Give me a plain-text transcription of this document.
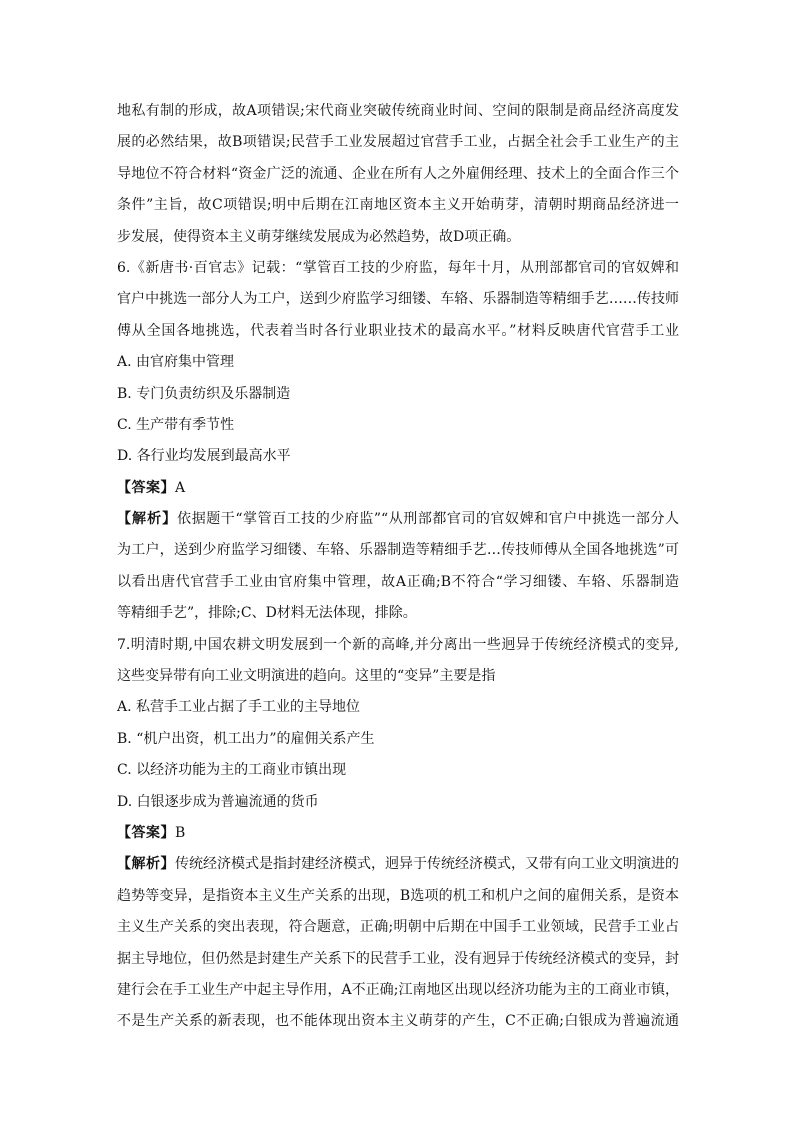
地私有制的形成，故A项错误;宋代商业突破传统商业时间、空间的限制是商品经济高度发
展的必然结果，故B项错误;民营手工业发展超过官营手工业，占据全社会手工业生产的主
导地位不符合材料“资金广泛的流通、企业在所有人之外雇佣经理、技术上的全面合作三个
条件”主旨，故C项错误;明中后期在江南地区资本主义开始萌芽，清朝时期商品经济进一
步发展，使得资本主义萌芽继续发展成为必然趋势，故D项正确。
6.《新唐书·百官志》记载：“掌管百工技的少府监，每年十月，从刑部都官司的官奴婢和
官户中挑选一部分人为工户，送到少府监学习细镂、车辂、乐器制造等精细手艺……传技师
傅从全国各地挑选，代表着当时各行业职业技术的最高水平。”材料反映唐代官营手工业
A. 由官府集中管理
B. 专门负责纺织及乐器制造
C. 生产带有季节性
D. 各行业均发展到最高水平
【答案】A
【解析】依据题干“掌管百工技的少府监”“从刑部都官司的官奴婢和官户中挑选一部分人
为工户，送到少府监学习细镂、车辂、乐器制造等精细手艺…传技师傅从全国各地挑选”可
以看出唐代官营手工业由官府集中管理，故A正确;B不符合“学习细镂、车辂、乐器制造
等精细手艺”，排除;C、D材料无法体现，排除。
7.明清时期,中国农耕文明发展到一个新的高峰,并分离出一些迥异于传统经济模式的变异,
这些变异带有向工业文明演进的趋向。这里的“变异”主要是指
A. 私营手工业占据了手工业的主导地位
B. “机户出资，机工出力”的雇佣关系产生
C. 以经济功能为主的工商业市镇出现
D. 白银逐步成为普遍流通的货币
【答案】B
【解析】传统经济模式是指封建经济模式，迥异于传统经济模式，又带有向工业文明演进的
趋势等变异，是指资本主义生产关系的出现，B选项的机工和机户之间的雇佣关系，是资本
主义生产关系的突出表现，符合题意，正确;明朝中后期在中国手工业领域，民营手工业占
据主导地位，但仍然是封建生产关系下的民营手工业，没有迥异于传统经济模式的变异，封
建行会在手工业生产中起主导作用，A不正确;江南地区出现以经济功能为主的工商业市镇，
不是生产关系的新表现，也不能体现出资本主义萌芽的产生，C不正确;白银成为普遍流通
